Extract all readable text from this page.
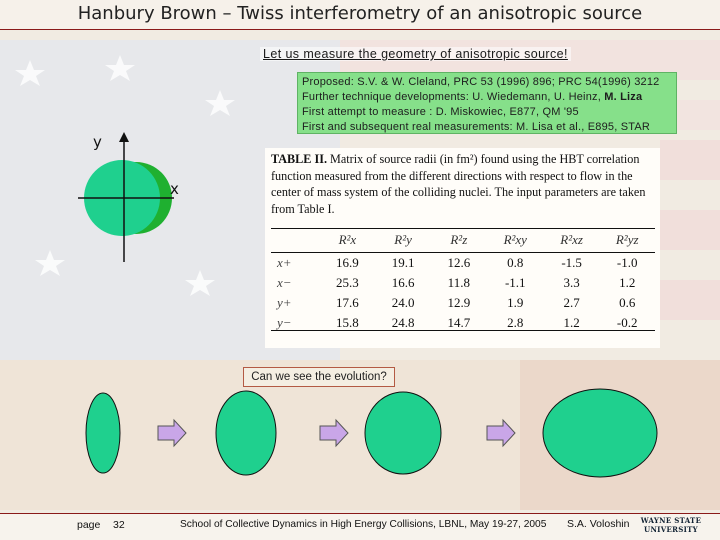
Hanbury Brown – Twiss interferometry of an anisotropic source
Let us measure the geometry of anisotropic source!
Proposed: S.V. & W. Cleland, PRC 53 (1996) 896; PRC 54(1996) 3212
Further technique developments: U. Wiedemann, U. Heinz, M. Liza
First attempt to measure : D. Miskowiec, E877, QM '95
First and subsequent real measurements: M. Lisa et al., E895, STAR
y
x
TABLE II. Matrix of source radii (in fm²) found using the HBT correlation function measured from the different directions with respect to flow in the center of mass system of the colliding nuclei. The input parameters are taken from Table I.
	R²x	R²y	R²z	R²xy	R²xz	R²yz
x+	16.9	19.1	12.6	0.8	-1.5	-1.0
x−	25.3	16.6	11.8	-1.1	3.3	1.2
y+	17.6	24.0	12.9	1.9	2.7	0.6
y−	15.8	24.8	14.7	2.8	1.2	-0.2
Can we see the evolution?
page 32	School of Collective Dynamics in High Energy Collisions, LBNL, May 19-27, 2005 S.A. Voloshin WAYNE STATE
UNIVERSITY
